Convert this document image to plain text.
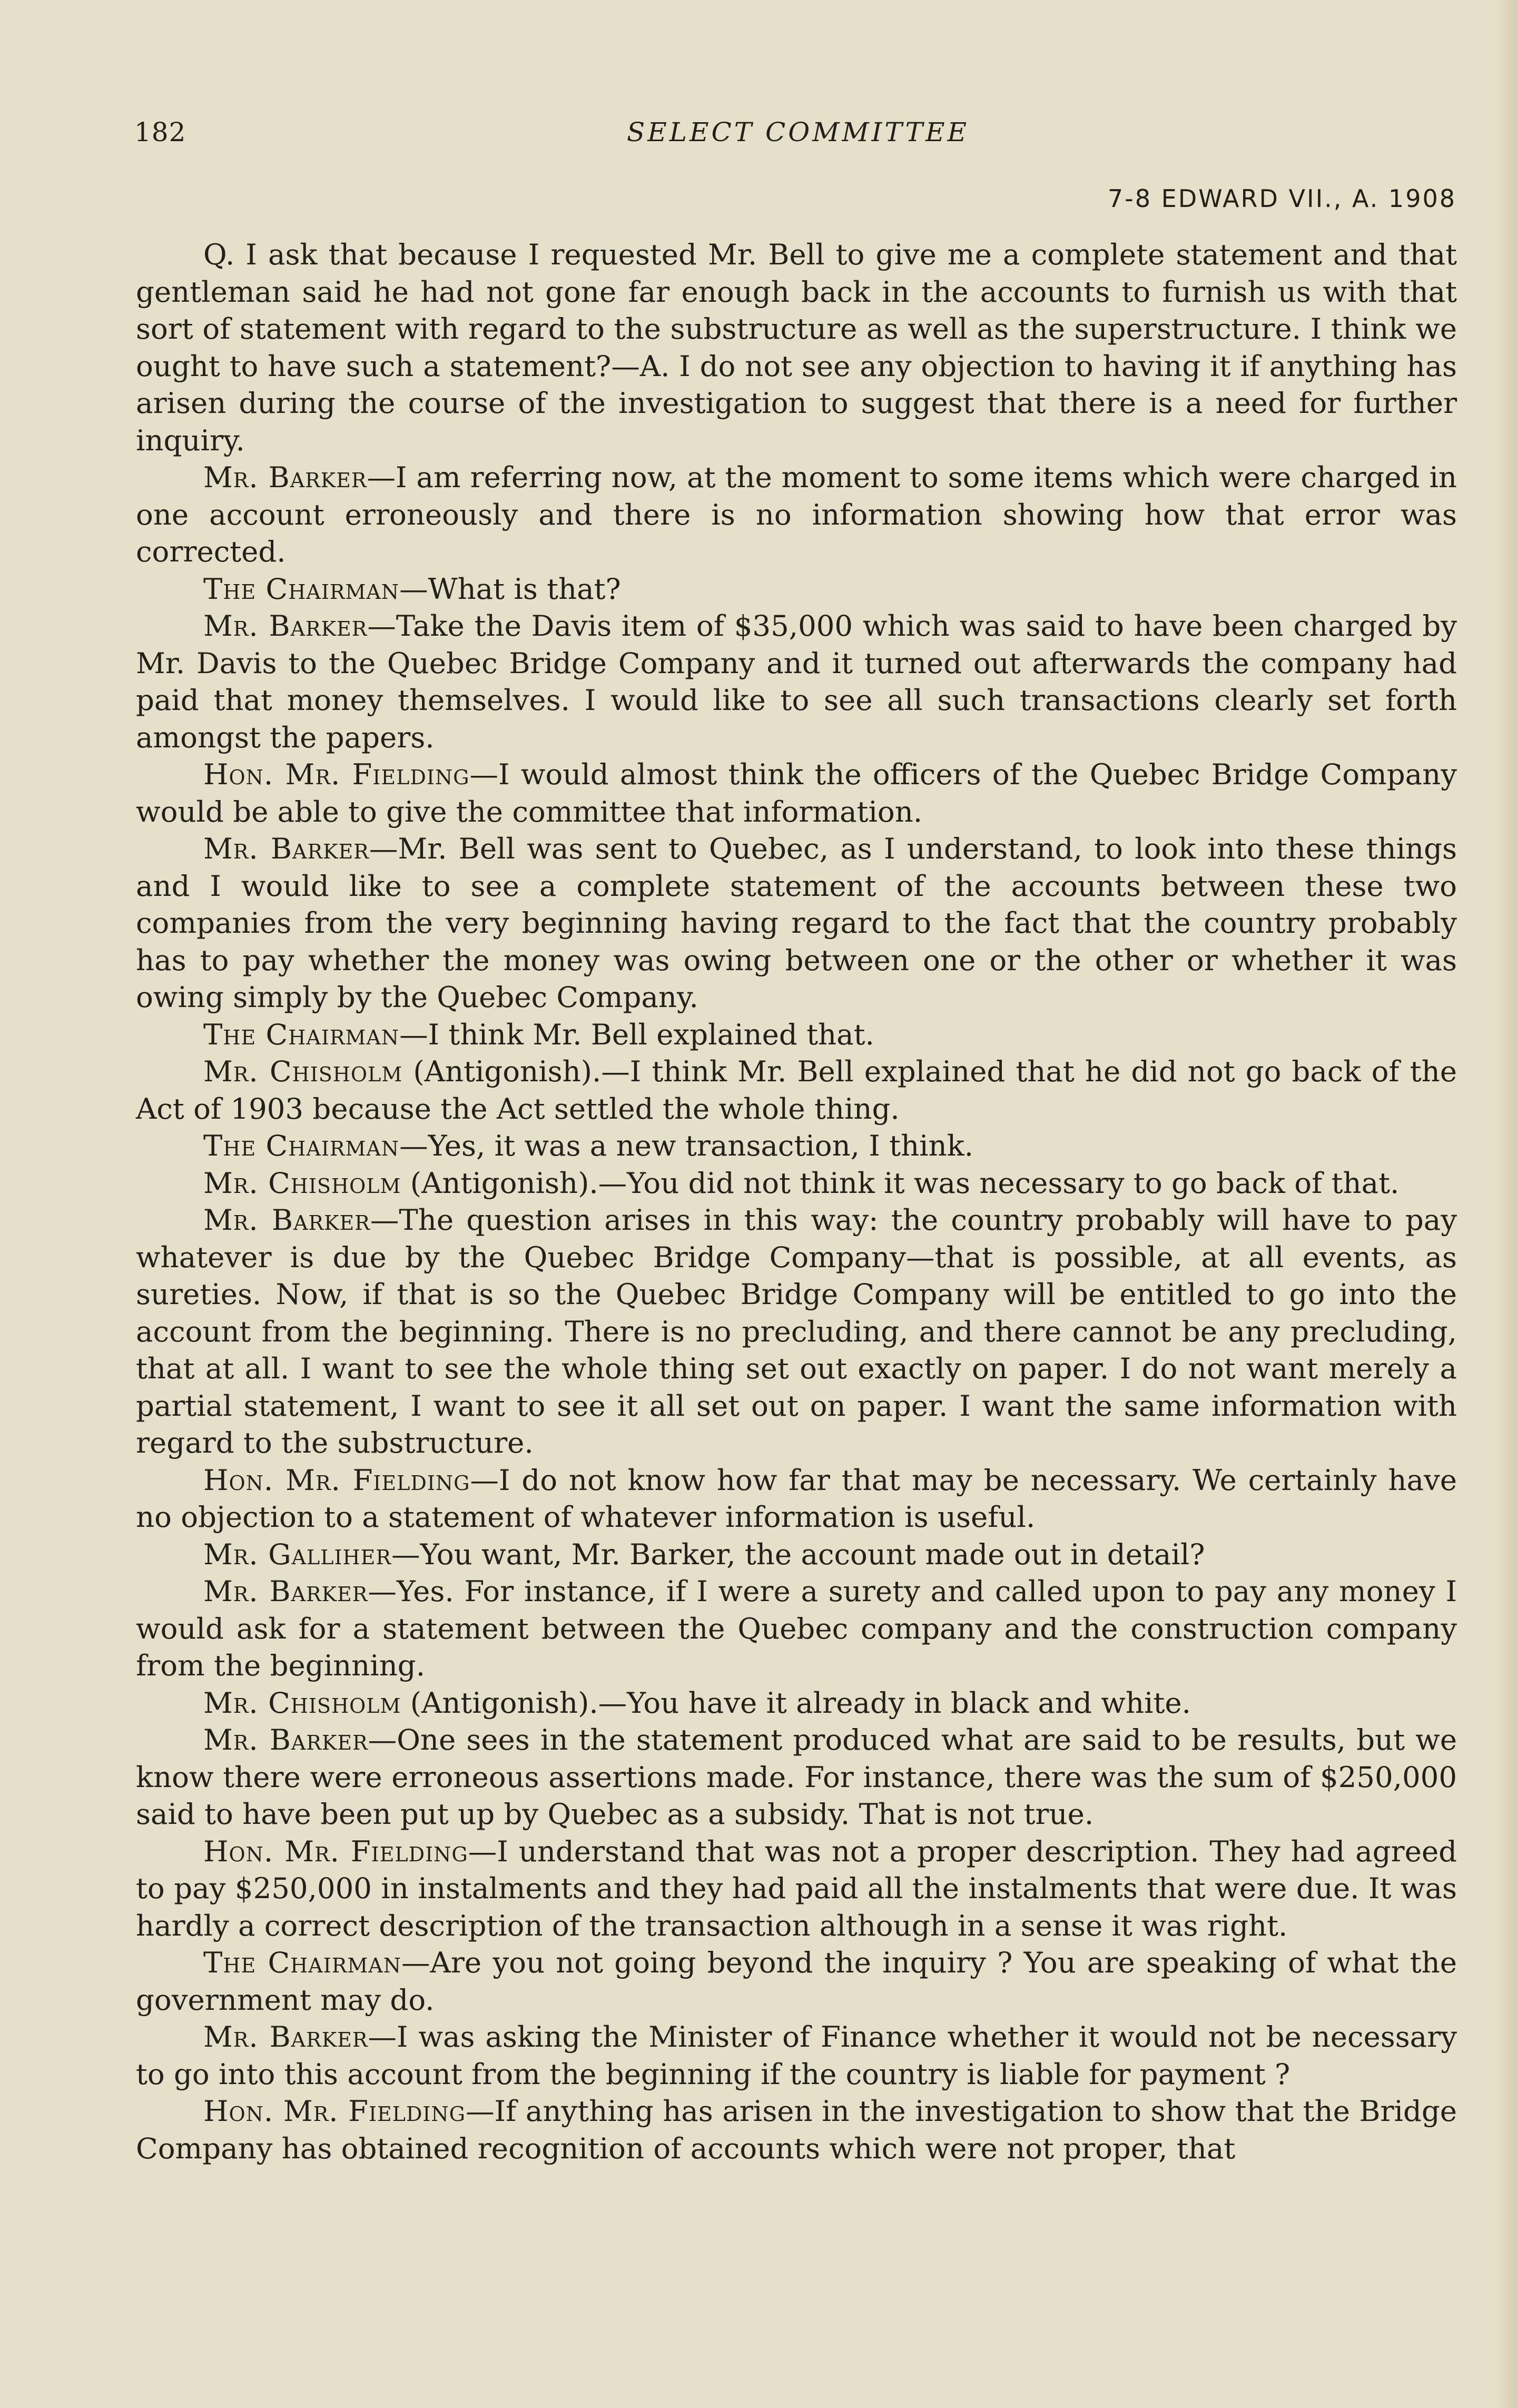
182	SELECT COMMITTEE
7-8 EDWARD VII., A. 1908

Q. I ask that because I requested Mr. Bell to give me a complete statement and that gentleman said he had not gone far enough back in the accounts to furnish us with that sort of statement with regard to the substructure as well as the superstructure. I think we ought to have such a statement?—A. I do not see any objection to having it if anything has arisen during the course of the investigation to suggest that there is a need for further inquiry.

Mr. Barker—I am referring now, at the moment to some items which were charged in one account erroneously and there is no information showing how that error was corrected.

The Chairman—What is that?

Mr. Barker—Take the Davis item of $35,000 which was said to have been charged by Mr. Davis to the Quebec Bridge Company and it turned out afterwards the company had paid that money themselves. I would like to see all such transactions clearly set forth amongst the papers.

Hon. Mr. Fielding—I would almost think the officers of the Quebec Bridge Company would be able to give the committee that information.

Mr. Barker—Mr. Bell was sent to Quebec, as I understand, to look into these things and I would like to see a complete statement of the accounts between these two companies from the very beginning having regard to the fact that the country probably has to pay whether the money was owing between one or the other or whether it was owing simply by the Quebec Company.

The Chairman—I think Mr. Bell explained that.

Mr. Chisholm (Antigonish).—I think Mr. Bell explained that he did not go back of the Act of 1903 because the Act settled the whole thing.

The Chairman—Yes, it was a new transaction, I think.

Mr. Chisholm (Antigonish).—You did not think it was necessary to go back of that.

Mr. Barker—The question arises in this way: the country probably will have to pay whatever is due by the Quebec Bridge Company—that is possible, at all events, as sureties. Now, if that is so the Quebec Bridge Company will be entitled to go into the account from the beginning. There is no precluding, and there cannot be any precluding, that at all. I want to see the whole thing set out exactly on paper. I do not want merely a partial statement, I want to see it all set out on paper. I want the same information with regard to the substructure.

Hon. Mr. Fielding—I do not know how far that may be necessary. We certainly have no objection to a statement of whatever information is useful.

Mr. Galliher—You want, Mr. Barker, the account made out in detail?

Mr. Barker—Yes. For instance, if I were a surety and called upon to pay any money I would ask for a statement between the Quebec company and the construction company from the beginning.

Mr. Chisholm (Antigonish).—You have it already in black and white.

Mr. Barker—One sees in the statement produced what are said to be results, but we know there were erroneous assertions made. For instance, there was the sum of $250,000 said to have been put up by Quebec as a subsidy. That is not true.

Hon. Mr. Fielding—I understand that was not a proper description. They had agreed to pay $250,000 in instalments and they had paid all the instalments that were due. It was hardly a correct description of the transaction although in a sense it was right.

The Chairman—Are you not going beyond the inquiry ? You are speaking of what the government may do.

Mr. Barker—I was asking the Minister of Finance whether it would not be necessary to go into this account from the beginning if the country is liable for payment ?

Hon. Mr. Fielding—If anything has arisen in the investigation to show that the Bridge Company has obtained recognition of accounts which were not proper, that
